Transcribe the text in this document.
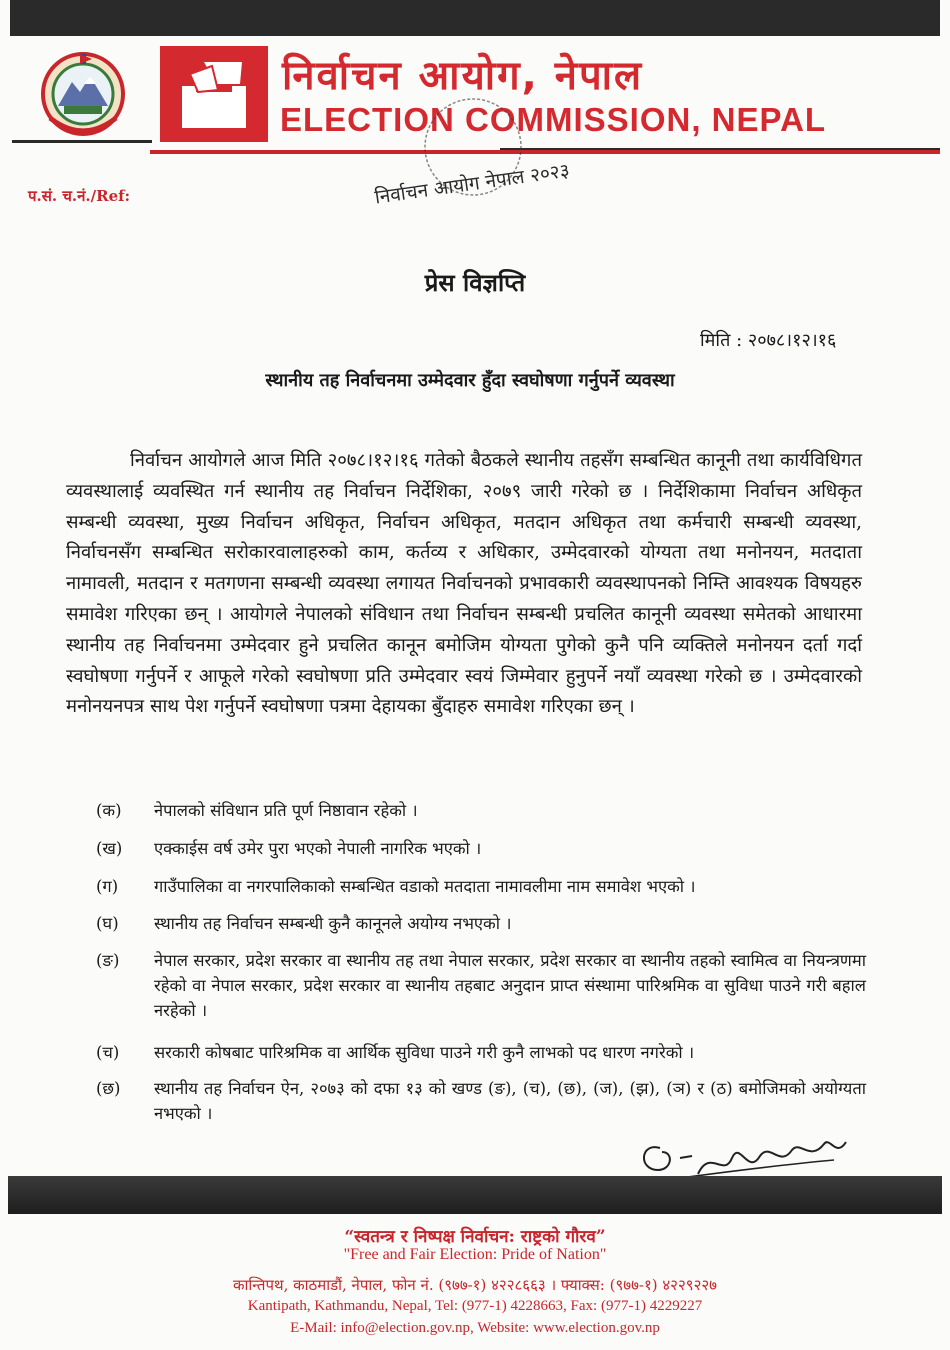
निर्वाचन आयोग, नेपाल
ELECTION COMMISSION, NEPAL
निर्वाचन आयोग नेपाल २०२३
प.सं. च.नं./Ref:
प्रेस विज्ञप्ति
मिति : २०७८।१२।१६
स्थानीय तह निर्वाचनमा उम्मेदवार हुँदा स्वघोषणा गर्नुपर्ने व्यवस्था

निर्वाचन आयोगले आज मिति २०७८।१२।१६ गतेको बैठकले स्थानीय तहसँग सम्बन्धित कानूनी तथा कार्यविधिगत व्यवस्थालाई व्यवस्थित गर्न स्थानीय तह निर्वाचन निर्देशिका, २०७९ जारी गरेको छ । निर्देशिकामा निर्वाचन अधिकृत सम्बन्धी व्यवस्था, मुख्य निर्वाचन अधिकृत, निर्वाचन अधिकृत, मतदान अधिकृत तथा कर्मचारी सम्बन्धी व्यवस्था, निर्वाचनसँग सम्बन्धित सरोकारवालाहरुको काम, कर्तव्य र अधिकार, उम्मेदवारको योग्यता तथा मनोनयन, मतदाता नामावली, मतदान र मतगणना सम्बन्धी व्यवस्था लगायत निर्वाचनको प्रभावकारी व्यवस्थापनको निम्ति आवश्यक विषयहरु समावेश गरिएका छन् । आयोगले नेपालको संविधान तथा निर्वाचन सम्बन्धी प्रचलित कानूनी व्यवस्था समेतको आधारमा स्थानीय तह निर्वाचनमा उम्मेदवार हुने प्रचलित कानून बमोजिम योग्यता पुगेको कुनै पनि व्यक्तिले मनोनयन दर्ता गर्दा स्वघोषणा गर्नुपर्ने र आफूले गरेको स्वघोषणा प्रति उम्मेदवार स्वयं जिम्मेवार हुनुपर्ने नयाँ व्यवस्था गरेको छ । उम्मेदवारको मनोनयनपत्र साथ पेश गर्नुपर्ने स्वघोषणा पत्रमा देहायका बुँदाहरु समावेश गरिएका छन् ।

(क)	नेपालको संविधान प्रति पूर्ण निष्ठावान रहेको ।
(ख)	एक्काईस वर्ष उमेर पुरा भएको नेपाली नागरिक भएको ।
(ग)	गाउँपालिका वा नगरपालिकाको सम्बन्धित वडाको मतदाता नामावलीमा नाम समावेश भएको ।
(घ)	स्थानीय तह निर्वाचन सम्बन्धी कुनै कानूनले अयोग्य नभएको ।
(ङ)	नेपाल सरकार, प्रदेश सरकार वा स्थानीय तह तथा नेपाल सरकार, प्रदेश सरकार वा स्थानीय तहको स्वामित्व वा नियन्त्रणमा रहेको वा नेपाल सरकार, प्रदेश सरकार वा स्थानीय तहबाट अनुदान प्राप्त संस्थामा पारिश्रमिक वा सुविधा पाउने गरी बहाल नरहेको ।
(च)	सरकारी कोषबाट पारिश्रमिक वा आर्थिक सुविधा पाउने गरी कुनै लाभको पद धारण नगरेको ।
(छ)	स्थानीय तह निर्वाचन ऐन, २०७३ को दफा १३ को खण्ड (ङ), (च), (छ), (ज), (झ), (ञ) र (ठ) बमोजिमको अयोग्यता नभएको ।
“स्वतन्त्र र निष्पक्ष निर्वाचन: राष्ट्रको गौरव”
"Free and Fair Election: Pride of Nation"
कान्तिपथ, काठमाडौं, नेपाल, फोन नं. (९७७-१) ४२२८६६३ । फ्याक्स: (९७७-१) ४२२९२२७
Kantipath, Kathmandu, Nepal, Tel: (977-1) 4228663, Fax: (977-1) 4229227
E-Mail: info@election.gov.np, Website: www.election.gov.np
